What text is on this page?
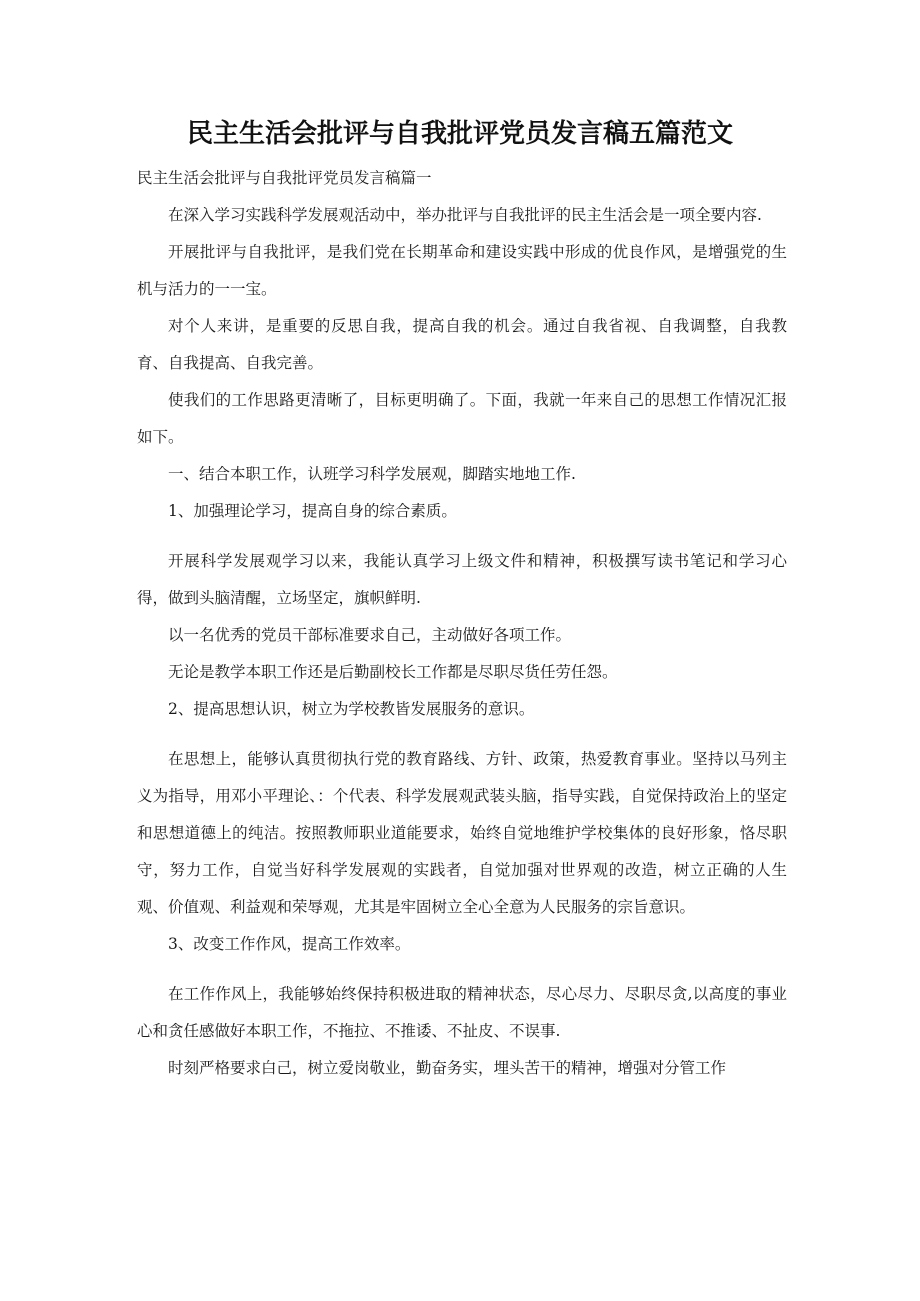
民主生活会批评与自我批评党员发言稿五篇范文

民主生活会批评与自我批评党员发言稿篇一

在深入学习实践科学发展观活动中，举办批评与自我批评的民主生活会是一项全要内容.

开展批评与自我批评，是我们党在长期革命和建设实践中形成的优良作风，是增强党的生机与活力的一一宝。

对个人来讲，是重要的反思自我，提高自我的机会。通过自我省视、自我调整，自我教育、自我提高、自我完善。

使我们的工作思路更清晰了，目标更明确了。下面，我就一年来自己的思想工作情况汇报如下。

一、结合本职工作，认班学习科学发展观，脚踏实地地工作.

1、加强理论学习，提高自身的综合素质。

开展科学发展观学习以来，我能认真学习上级文件和精神，积极撰写读书笔记和学习心得，做到头脑清醒，立场坚定，旗帜鲜明.

以一名优秀的党员干部标准要求自己，主动做好各项工作。

无论是教学本职工作还是后勤副校长工作都是尽职尽货任劳任怨。

2、提高思想认识，树立为学校教皆发展服务的意识。

在思想上，能够认真贯彻执行党的教育路线、方针、政策，热爱教育事业。坚持以马列主义为指导，用邓小平理论、：个代表、科学发展观武装头脑，指导实践，自觉保持政治上的坚定和思想道德上的纯洁。按照教师职业道能要求，始终自觉地维护学校集体的良好形象，恪尽职守，努力工作，自觉当好科学发展观的实践者，自觉加强对世界观的改造，树立正确的人生观、价值观、利益观和荣辱观，尤其是牢固树立全心全意为人民服务的宗旨意识。

3、改变工作作风，提高工作效率。

在工作作风上，我能够始终保持积极进取的精神状态，尽心尽力、尽职尽贪,以高度的事业心和贪任感做好本职工作，不拖拉、不推诿、不扯皮、不误事.

时刻严格要求白己，树立爱岗敬业，勤奋务实，埋头苦干的精神，增强对分管工作
